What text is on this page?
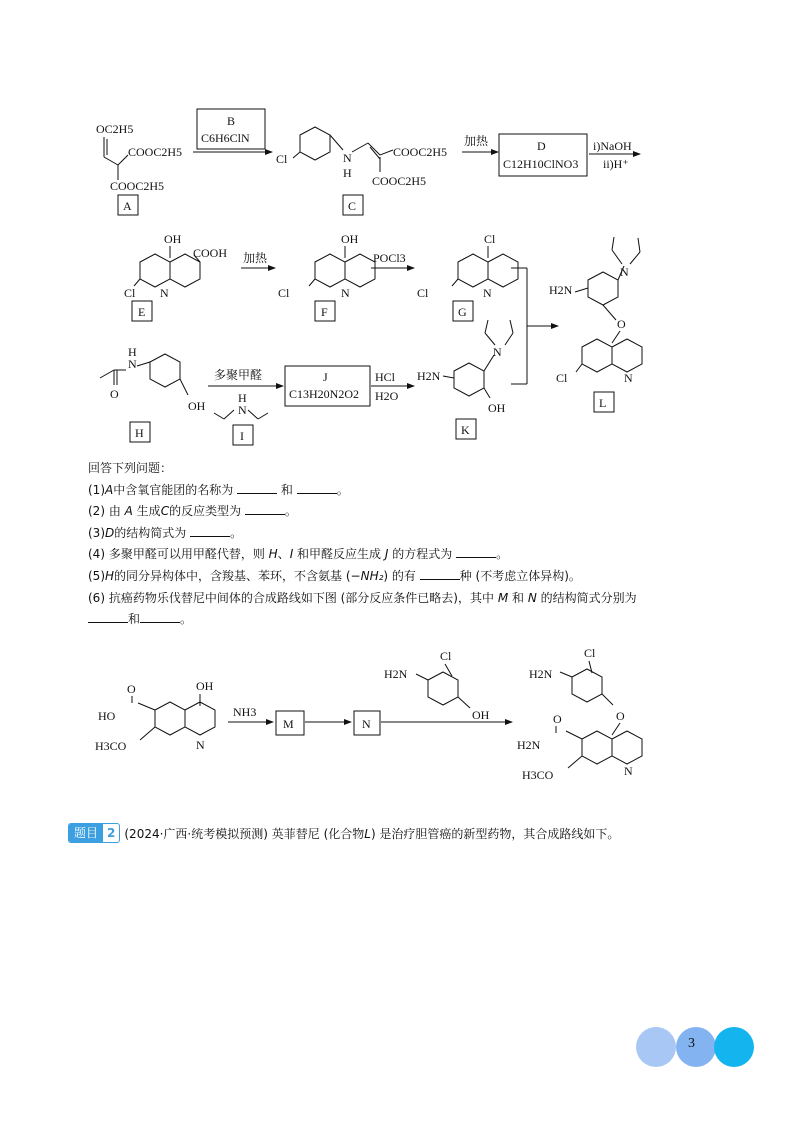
OC2H5
COOC2H5
COOC2H5
A
B
C6H6ClN
Cl	N
H
COOC2H5
COOC2H5
C
加热	D
C12H10ClNO3
i)NaOH
ii)H⁺
OH
COOH
N
Cl
E
加热
OH
N
Cl
F
POCl3
Cl
N
Cl
G
H2N
N
O
N
Cl
L
H
N
O
OH
H
多聚甲醛
H
N
I
J
C13H20N2O2
HCl
H2O
H2N
N
OH
K
OH
N
O
HO
H3CO
NH3
M	N
Cl
H2N
OH
Cl
H2N
O
N
O
H2N
H3CO
回答下列问题：
(1)A中含氧官能团的名称为	和	。
(2) 由 A 生成C的反应类型为	。
(3)D的结构简式为	。
(4) 多聚甲醛可以用甲醛代替，则 H、I 和甲醛反应生成 J 的方程式为	。
(5)H的同分异构体中，含羧基、苯环，不含氨基 (−NH₂) 的有	种 (不考虑立体异构)。
(6) 抗癌药物乐伐替尼中间体的合成路线如下图 (部分反应条件已略去)，其中 M 和 N 的结构简式分别为
和	。
题目 2 (2024·广西·统考模拟预测) 英菲替尼 (化合物L) 是治疗胆管癌的新型药物，其合成路线如下。
3
